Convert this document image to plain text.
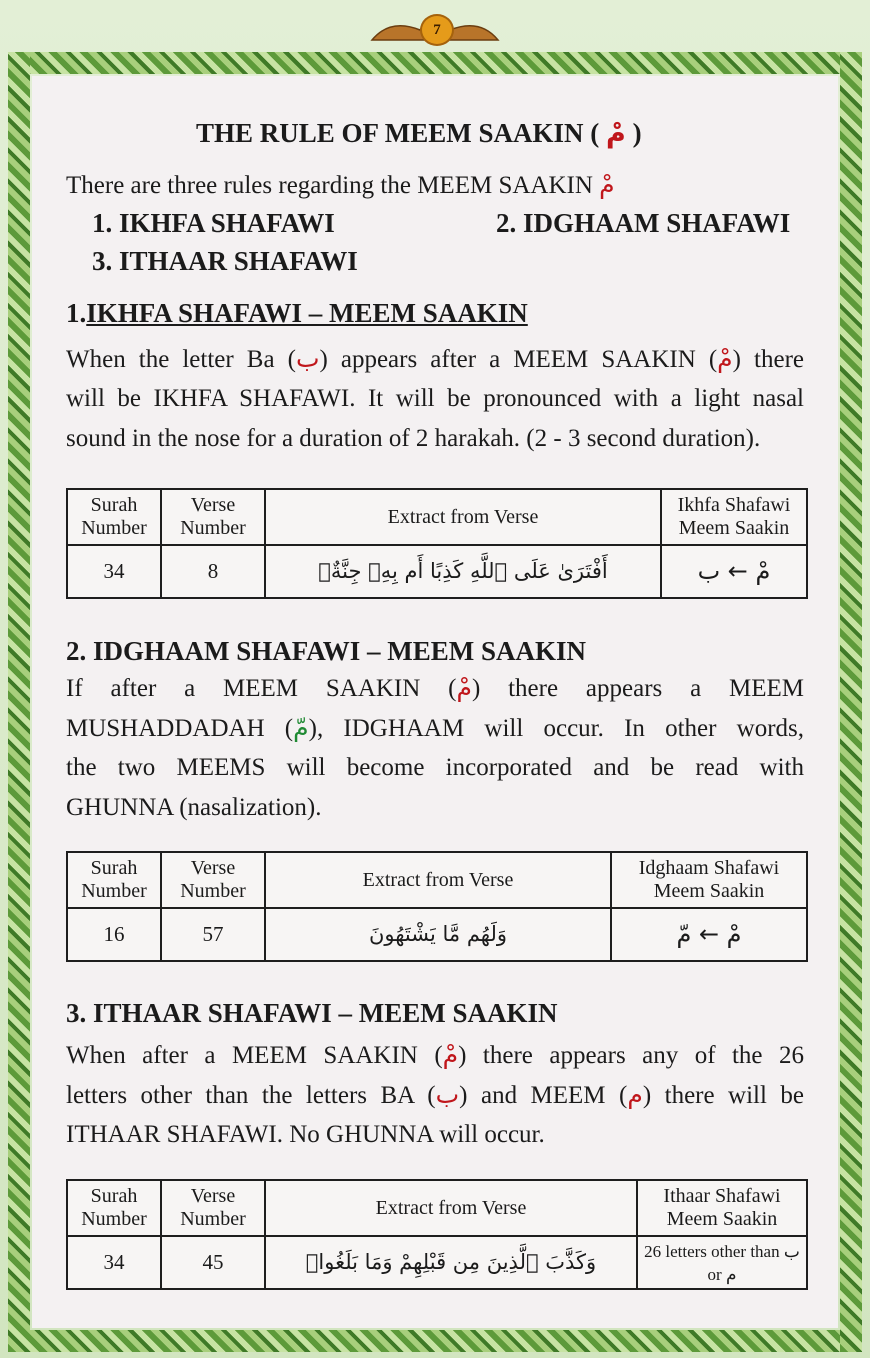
7
THE RULE OF MEEM SAAKIN ( مْ )
There are three rules regarding the MEEM SAAKIN مْ
1. IKHFA SHAFAWI	2. IDGHAAM SHAFAWI
3. ITHAAR SHAFAWI
1.IKHFA SHAFAWI – MEEM SAAKIN
When the letter Ba (ب) appears after a MEEM SAAKIN (مْ) there
will be IKHFA SHAFAWI. It will be pronounced with a light nasal
sound in the nose for a duration of 2 harakah. (2 - 3 second duration).
Surah Number	Verse Number	Extract from Verse	Ikhfa Shafawi Meem Saakin
34	8	أَفْتَرَىٰ عَلَى ٱللَّهِ كَذِبًا أَم بِهِۦ جِنَّةٌۢ	مْ ← ب
2. IDGHAAM SHAFAWI – MEEM SAAKIN
If after a MEEM SAAKIN (مْ) there appears a MEEM
MUSHADDADAH (مّ), IDGHAAM will occur. In other words,
the two MEEMS will become incorporated and be read with
GHUNNA (nasalization).
Surah Number	Verse Number	Extract from Verse	Idghaam Shafawi Meem Saakin
16	57	وَلَهُم مَّا يَشْتَهُونَ	مْ ← مّ
3. ITHAAR SHAFAWI – MEEM SAAKIN
When after a MEEM SAAKIN (مْ) there appears any of the 26
letters other than the letters BA (ب) and MEEM (م) there will be
ITHAAR SHAFAWI. No GHUNNA will occur.
Surah Number	Verse Number	Extract from Verse	Ithaar Shafawi Meem Saakin
34	45	وَكَذَّبَ ٱلَّذِينَ مِن قَبْلِهِمْ وَمَا بَلَغُوا۟	26 letters other than ب or م
